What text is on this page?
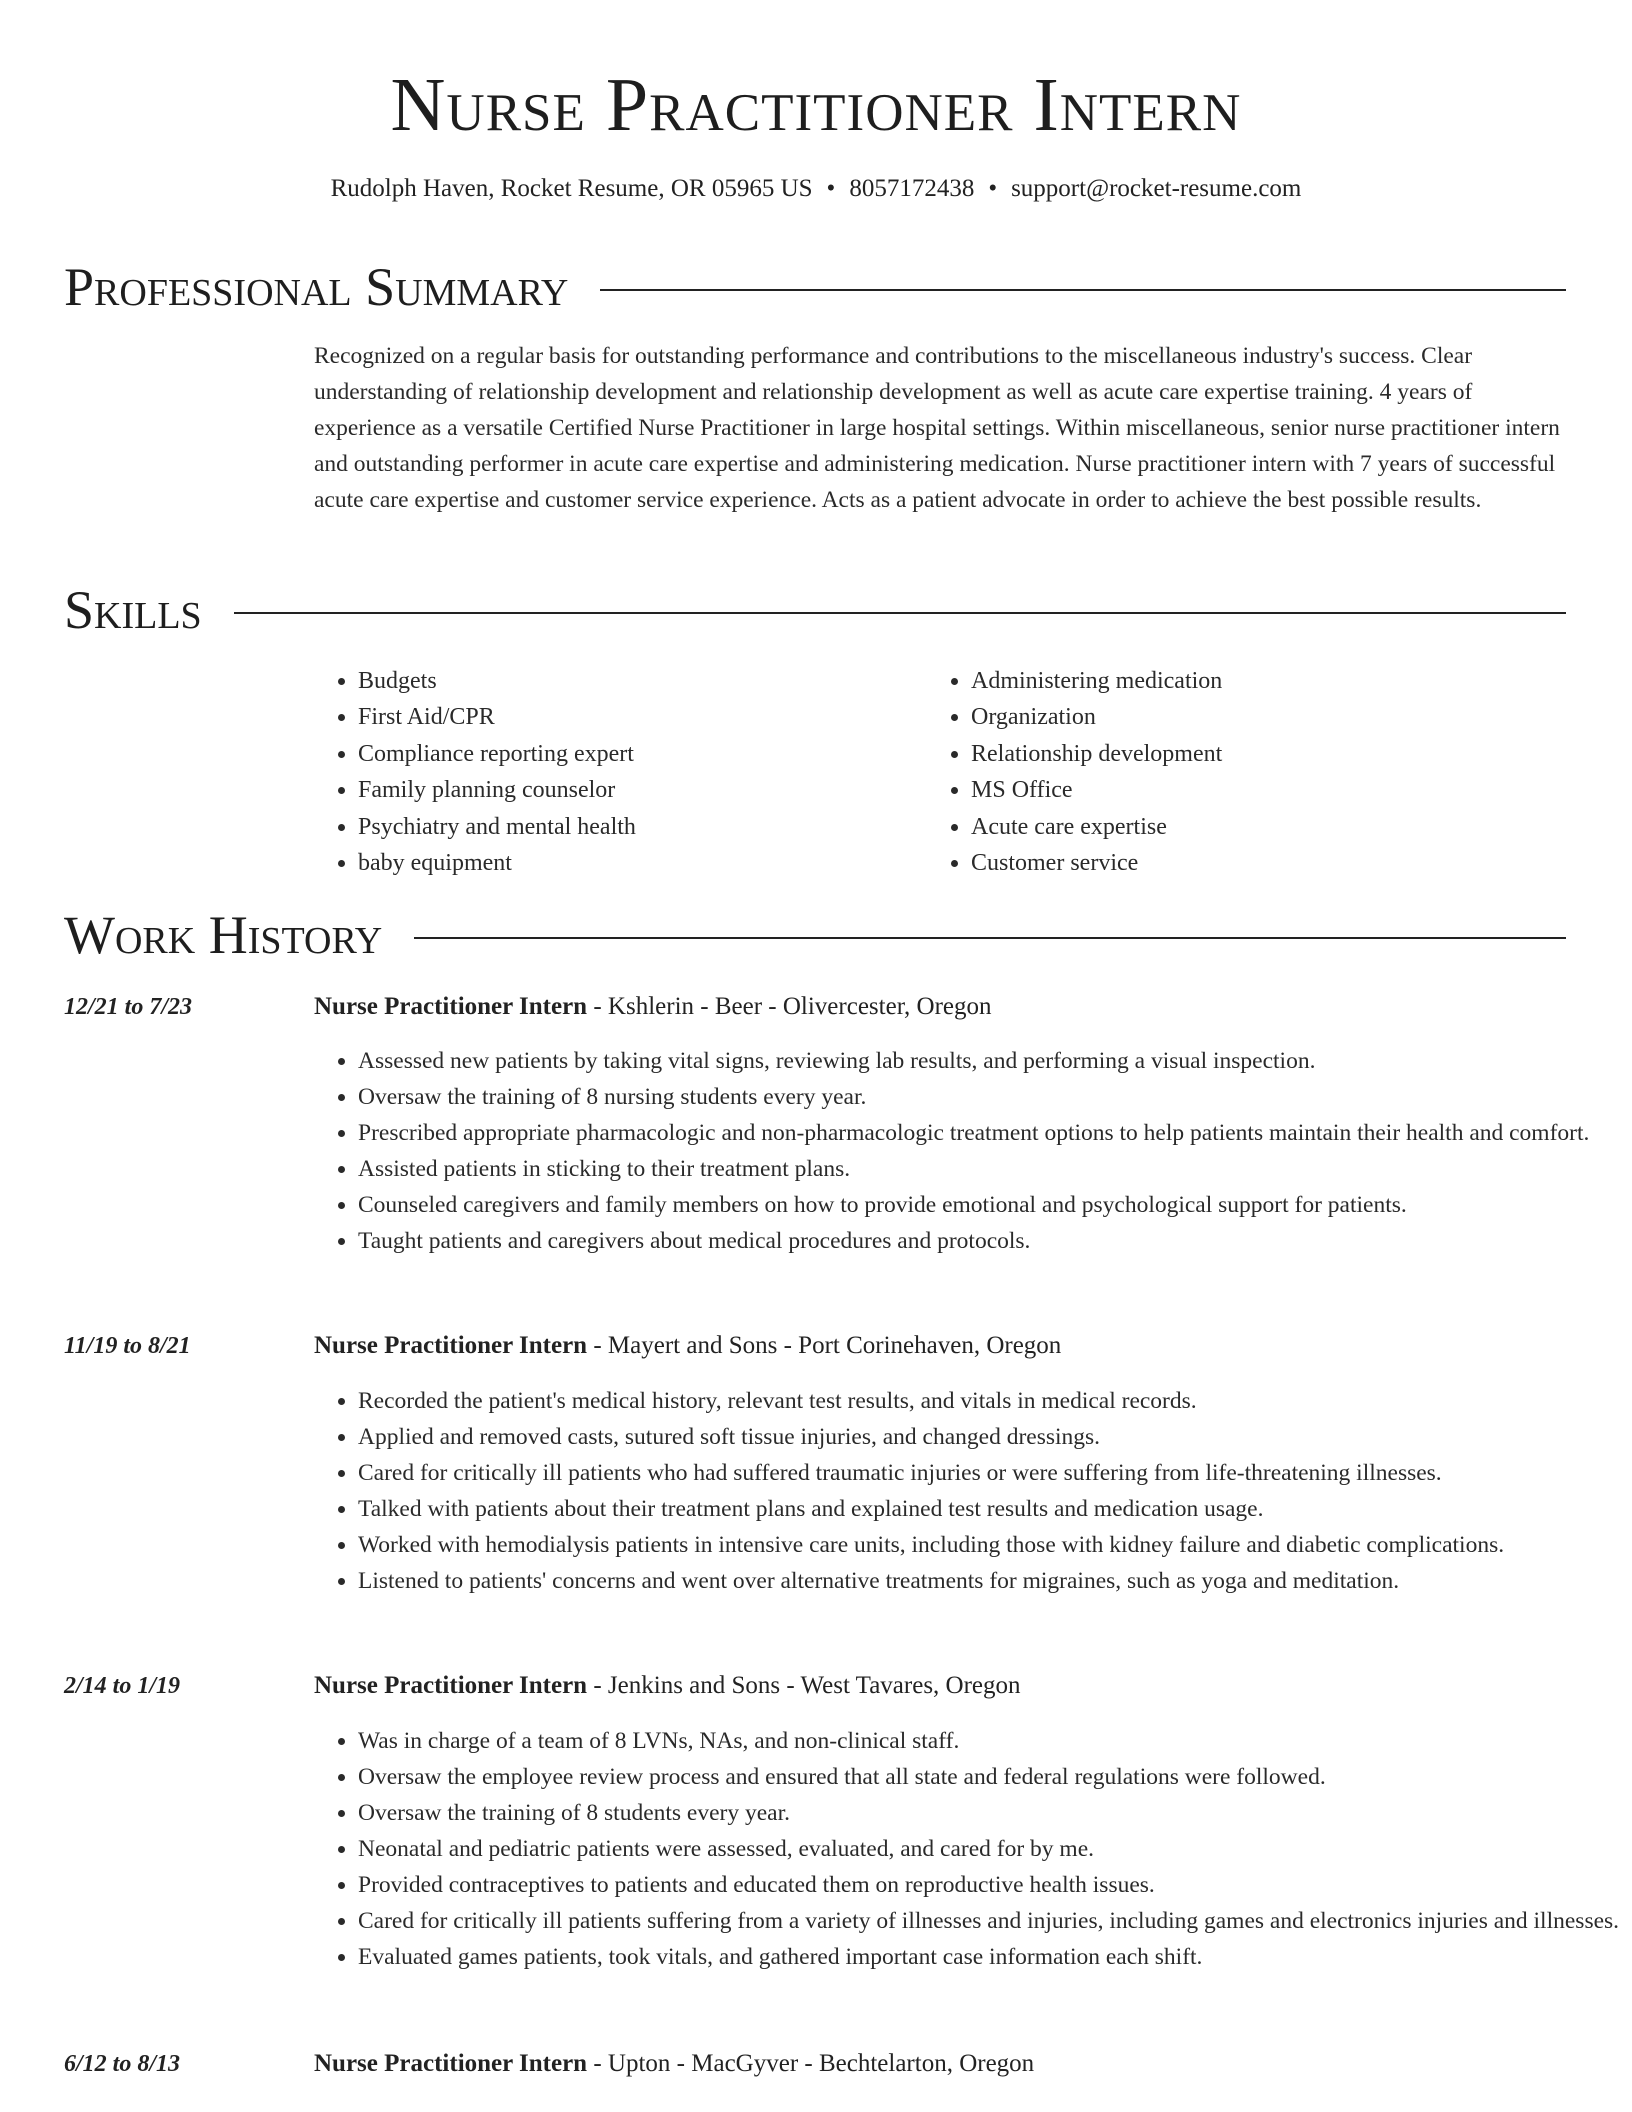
Nurse Practitioner Intern
Rudolph Haven, Rocket Resume, OR 05965 US • 8057172438 • support@rocket-resume.com
Professional Summary

Recognized on a regular basis for outstanding performance and contributions to the miscellaneous industry's success. Clear understanding of relationship development and relationship development as well as acute care expertise training. 4 years of experience as a versatile Certified Nurse Practitioner in large hospital settings. Within miscellaneous, senior nurse practitioner intern and outstanding performer in acute care expertise and administering medication. Nurse practitioner intern with 7 years of successful acute care expertise and customer service experience. Acts as a patient advocate in order to achieve the best possible results.

Skills
• Budgets
• First Aid/CPR
• Compliance reporting expert
• Family planning counselor
• Psychiatry and mental health
• baby equipment
• Administering medication
• Organization
• Relationship development
• MS Office
• Acute care expertise
• Customer service
Work History
12/21 to 7/23	Nurse Practitioner Intern - Kshlerin - Beer - Olivercester, Oregon
• Assessed new patients by taking vital signs, reviewing lab results, and performing a visual inspection.
• Oversaw the training of 8 nursing students every year.
• Prescribed appropriate pharmacologic and non-pharmacologic treatment options to help patients maintain their health and comfort.
• Assisted patients in sticking to their treatment plans.
• Counseled caregivers and family members on how to provide emotional and psychological support for patients.
• Taught patients and caregivers about medical procedures and protocols.
11/19 to 8/21	Nurse Practitioner Intern - Mayert and Sons - Port Corinehaven, Oregon
• Recorded the patient's medical history, relevant test results, and vitals in medical records.
• Applied and removed casts, sutured soft tissue injuries, and changed dressings.
• Cared for critically ill patients who had suffered traumatic injuries or were suffering from life-threatening illnesses.
• Talked with patients about their treatment plans and explained test results and medication usage.
• Worked with hemodialysis patients in intensive care units, including those with kidney failure and diabetic complications.
• Listened to patients' concerns and went over alternative treatments for migraines, such as yoga and meditation.
2/14 to 1/19	Nurse Practitioner Intern - Jenkins and Sons - West Tavares, Oregon
• Was in charge of a team of 8 LVNs, NAs, and non-clinical staff.
• Oversaw the employee review process and ensured that all state and federal regulations were followed.
• Oversaw the training of 8 students every year.
• Neonatal and pediatric patients were assessed, evaluated, and cared for by me.
• Provided contraceptives to patients and educated them on reproductive health issues.
• Cared for critically ill patients suffering from a variety of illnesses and injuries, including games and electronics injuries and illnesses.
• Evaluated games patients, took vitals, and gathered important case information each shift.
6/12 to 8/13	Nurse Practitioner Intern - Upton - MacGyver - Bechtelarton, Oregon
